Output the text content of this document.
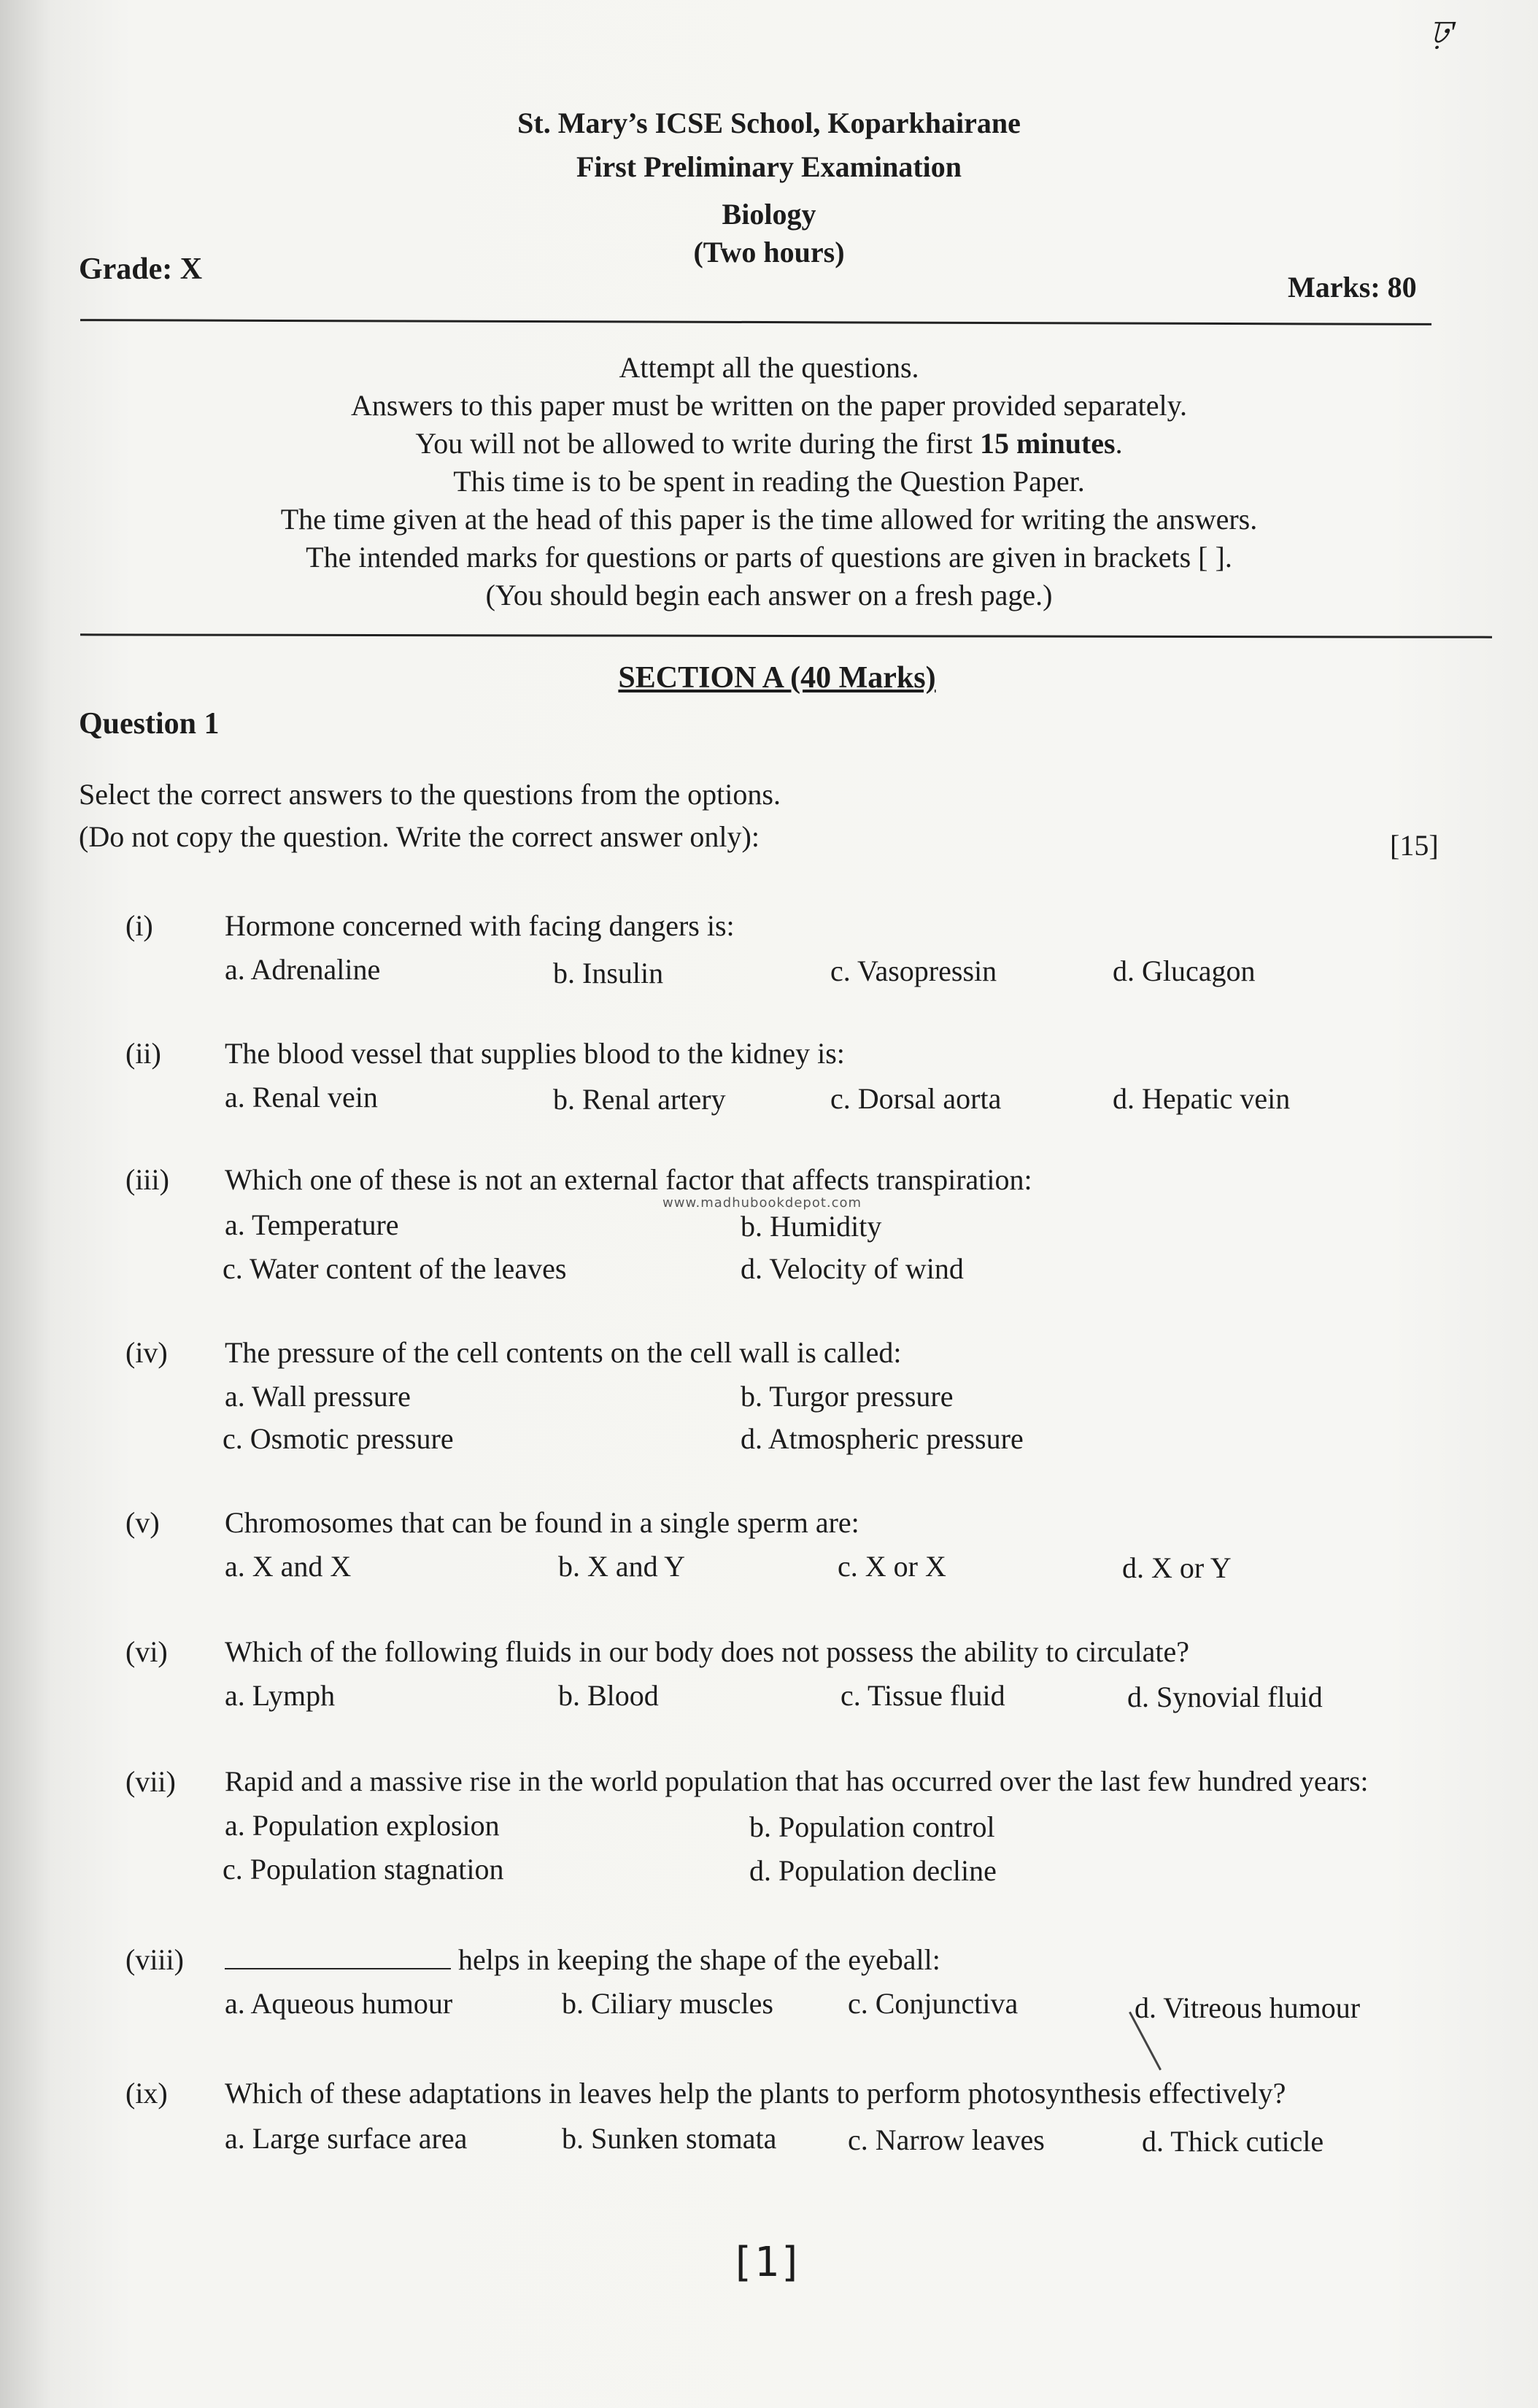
ঢ়'
St. Mary’s ICSE School, Koparkhairane
First Preliminary Examination
Biology
(Two hours)
Grade: X
Marks: 80
Attempt all the questions.
Answers to this paper must be written on the paper provided separately.
You will not be allowed to write during the first 15 minutes.
This time is to be spent in reading the Question Paper.
The time given at the head of this paper is the time allowed for writing the answers.
The intended marks for questions or parts of questions are given in brackets [ ].
(You should begin each answer on a fresh page.)
SECTION A (40 Marks)
Question 1
Select the correct answers to the questions from the options.
(Do not copy the question. Write the correct answer only):	[15]
(i) Hormone concerned with facing dangers is:
a. Adrenaline	b. Insulin	c. Vasopressin	d. Glucagon
(ii) The blood vessel that supplies blood to the kidney is:
a. Renal vein	b. Renal artery	c. Dorsal aorta	d. Hepatic vein
(iii) Which one of these is not an external factor that affects transpiration:
a. Temperature	b. Humidity
c. Water content of the leaves	d. Velocity of wind
www.madhubookdepot.com
(iv) The pressure of the cell contents on the cell wall is called:
a. Wall pressure	b. Turgor pressure
c. Osmotic pressure	d. Atmospheric pressure
(v) Chromosomes that can be found in a single sperm are:
a. X and X	b. X and Y	c. X or X	d. X or Y
(vi) Which of the following fluids in our body does not possess the ability to circulate?
a. Lymph	b. Blood	c. Tissue fluid	d. Synovial fluid
(vii) Rapid and a massive rise in the world population that has occurred over the last few hundred years:
a. Population explosion	b. Population control
c. Population stagnation	d. Population decline
(viii)	helps in keeping the shape of the eyeball:
a. Aqueous humour	b. Ciliary muscles	c. Conjunctiva	d. Vitreous humour
(ix) Which of these adaptations in leaves help the plants to perform photosynthesis effectively?
a. Large surface area	b. Sunken stomata c. Narrow leaves	d. Thick cuticle
[1]
